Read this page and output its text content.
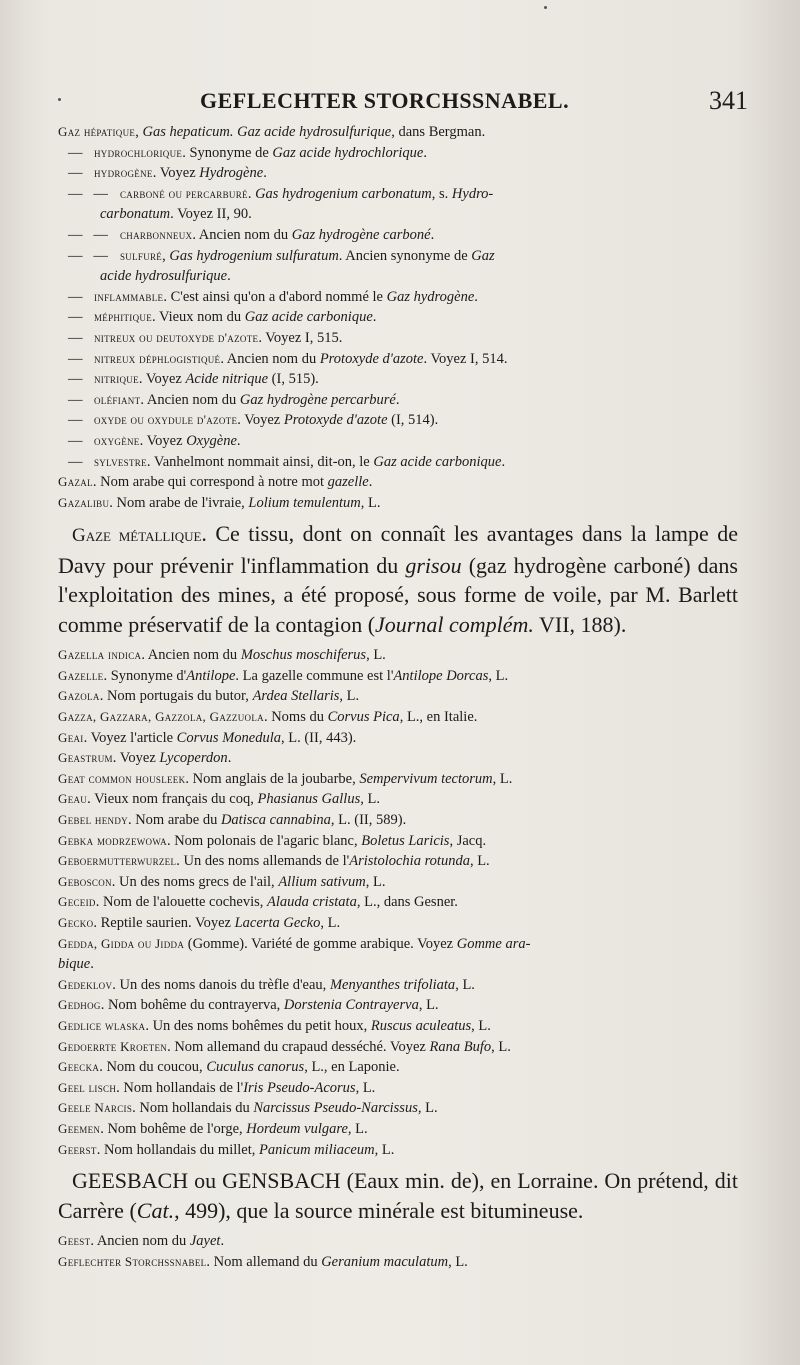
GEFLECHTER STORCHSSNABEL.	341

Gaz hépatique, Gas hepaticum. Gaz acide hydrosulfurique, dans Bergman.

— hydrochlorique. Synonyme de Gaz acide hydrochlorique.

— hydrogène. Voyez Hydrogène.

—   — carboné ou percarburé. Gas hydrogenium carbonatum, s. Hydro-
carbonatum. Voyez II, 90.

—   — charbonneux. Ancien nom du Gaz hydrogène carboné.

—   — sulfuré, Gas hydrogenium sulfuratum. Ancien synonyme de Gaz
acide hydrosulfurique.

— inflammable. C'est ainsi qu'on a d'abord nommé le Gaz hydrogène.

— méphitique. Vieux nom du Gaz acide carbonique.

— nitreux ou deutoxyde d'azote. Voyez I, 515.

— nitreux déphlogistiqué. Ancien nom du Protoxyde d'azote. Voyez I, 514.

— nitrique. Voyez Acide nitrique (I, 515).

— oléfiant. Ancien nom du Gaz hydrogène percarburé.

— oxyde ou oxydule d'azote. Voyez Protoxyde d'azote (I, 514).

— oxygène. Voyez Oxygène.

— sylvestre. Vanhelmont nommait ainsi, dit-on, le Gaz acide carbonique.

Gazal. Nom arabe qui correspond à notre mot gazelle.

Gazalibu. Nom arabe de l'ivraie, Lolium temulentum, L.

Gaze métallique. Ce tissu, dont on connaît les avantages dans la lampe de Davy pour prévenir l'inflammation du grisou (gaz hydrogène carboné) dans l'exploitation des mines, a été proposé, sous forme de voile, par M. Barlett comme préservatif de la contagion (Journal complém. VII, 188).

Gazella indica. Ancien nom du Moschus moschiferus, L.

Gazelle. Synonyme d'Antilope. La gazelle commune est l'Antilope Dorcas, L.

Gazola. Nom portugais du butor, Ardea Stellaris, L.

Gazza, Gazzara, Gazzola, Gazzuola. Noms du Corvus Pica, L., en Italie.

Geai. Voyez l'article Corvus Monedula, L. (II, 443).

Geastrum. Voyez Lycoperdon.

Geat common housleek. Nom anglais de la joubarbe, Sempervivum tectorum, L.

Geau. Vieux nom français du coq, Phasianus Gallus, L.

Gebel hendy. Nom arabe du Datisca cannabina, L. (II, 589).

Gebka modrzewowa. Nom polonais de l'agaric blanc, Boletus Laricis, Jacq.

Geboermutterwurzel. Un des noms allemands de l'Aristolochia rotunda, L.

Geboscon. Un des noms grecs de l'ail, Allium sativum, L.

Geceid. Nom de l'alouette cochevis, Alauda cristata, L., dans Gesner.

Gecko. Reptile saurien. Voyez Lacerta Gecko, L.

Gedda, Gidda ou Jidda (Gomme). Variété de gomme arabique. Voyez Gomme ara-
bique.

Gedeklov. Un des noms danois du trèfle d'eau, Menyanthes trifoliata, L.

Gedhog. Nom bohême du contrayerva, Dorstenia Contrayerva, L.

Gedlice wlaska. Un des noms bohêmes du petit houx, Ruscus aculeatus, L.

Gedoerrte Kroeten. Nom allemand du crapaud desséché. Voyez Rana Bufo, L.

Geecka. Nom du coucou, Cuculus canorus, L., en Laponie.

Geel lisch. Nom hollandais de l'Iris Pseudo-Acorus, L.

Geele Narcis. Nom hollandais du Narcissus Pseudo-Narcissus, L.

Geemen. Nom bohême de l'orge, Hordeum vulgare, L.

Geerst. Nom hollandais du millet, Panicum miliaceum, L.

GEESBACH ou GENSBACH (Eaux min. de), en Lorraine. On prétend, dit Carrère (Cat., 499), que la source minérale est bitumineuse.

Geest. Ancien nom du Jayet.

Geflechter Storchssnabel. Nom allemand du Geranium maculatum, L.
